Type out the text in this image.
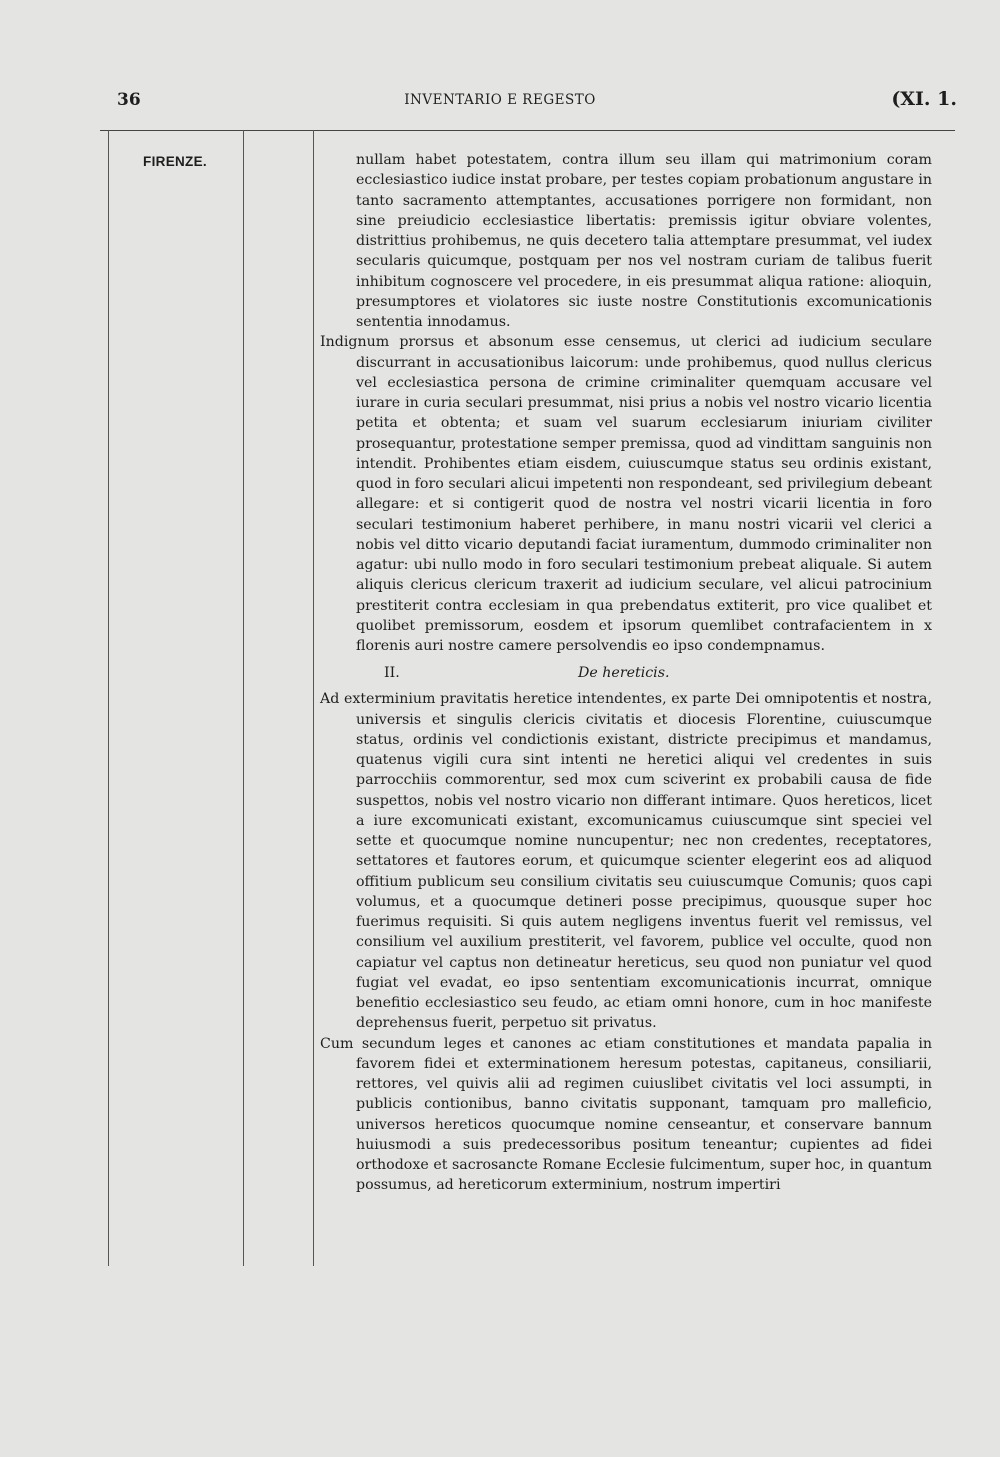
36	INVENTARIO E REGESTO	(XI. 1.
FIRENZE.	nullam habet potestatem, contra illum seu illam qui matrimonium coram ecclesiastico iudice instat probare, per testes copiam probationum angustare in tanto sacramento attemptantes, accusationes porrigere non formidant, non sine preiudicio ecclesiastice libertatis: premissis igitur obviare volentes, distrittius prohibemus, ne quis decetero talia attemptare presummat, vel iudex secularis quicumque, postquam per nos vel nostram curiam de talibus fuerit inhibitum cognoscere vel procedere, in eis presummat aliqua ratione: alioquin, presumptores et violatores sic iuste nostre Constitutionis excomunicationis sententia innodamus.

Indignum prorsus et absonum esse censemus, ut clerici ad iudicium seculare discurrant in accusationibus laicorum: unde prohibemus, quod nullus clericus vel ecclesiastica persona de crimine criminaliter quemquam accusare vel iurare in curia seculari presummat, nisi prius a nobis vel nostro vicario licentia petita et obtenta; et suam vel suarum ecclesiarum iniuriam civiliter prosequantur, protestatione semper premissa, quod ad vindittam sanguinis non intendit. Prohibentes etiam eisdem, cuiuscumque status seu ordinis existant, quod in foro seculari alicui impetenti non respondeant, sed privilegium debeant allegare: et si contigerit quod de nostra vel nostri vicarii licentia in foro seculari testimonium haberet perhibere, in manu nostri vicarii vel clerici a nobis vel ditto vicario deputandi faciat iuramentum, dummodo criminaliter non agatur: ubi nullo modo in foro seculari testimonium prebeat aliquale. Si autem aliquis clericus clericum traxerit ad iudicium seculare, vel alicui patrocinium prestiterit contra ecclesiam in qua prebendatus extiterit, pro vice qualibet et quolibet premissorum, eosdem et ipsorum quemlibet contrafacientem in x florenis auri nostre camere persolvendis eo ipso condempnamus.

II.	De hereticis.

Ad exterminium pravitatis heretice intendentes, ex parte Dei omnipotentis et nostra, universis et singulis clericis civitatis et diocesis Florentine, cuiuscumque status, ordinis vel condictionis existant, districte precipimus et mandamus, quatenus vigili cura sint intenti ne heretici aliqui vel credentes in suis parrocchiis commorentur, sed mox cum sciverint ex probabili causa de fide suspettos, nobis vel nostro vicario non differant intimare. Quos hereticos, licet a iure excomunicati existant, excomunicamus cuiuscumque sint speciei vel sette et quocumque nomine nuncupentur; nec non credentes, receptatores, settatores et fautores eorum, et quicumque scienter elegerint eos ad aliquod offitium publicum seu consilium civitatis seu cuiuscumque Comunis; quos capi volumus, et a quocumque detineri posse precipimus, quousque super hoc fuerimus requisiti. Si quis autem negligens inventus fuerit vel remissus, vel consilium vel auxilium prestiterit, vel favorem, publice vel occulte, quod non capiatur vel captus non detineatur hereticus, seu quod non puniatur vel quod fugiat vel evadat, eo ipso sententiam excomunicationis incurrat, omnique benefitio ecclesiastico seu feudo, ac etiam omni honore, cum in hoc manifeste deprehensus fuerit, perpetuo sit privatus.

Cum secundum leges et canones ac etiam constitutiones et mandata papalia in favorem fidei et exterminationem heresum potestas, capitaneus, consiliarii, rettores, vel quivis alii ad regimen cuiuslibet civitatis vel loci assumpti, in publicis contionibus, banno civitatis supponant, tamquam pro malleficio, universos hereticos quocumque nomine censeantur, et conservare bannum huiusmodi a suis predecessoribus positum teneantur; cupientes ad fidei orthodoxe et sacrosancte Romane Ecclesie fulcimentum, super hoc, in quantum possumus, ad hereticorum exterminium, nostrum impertiri
